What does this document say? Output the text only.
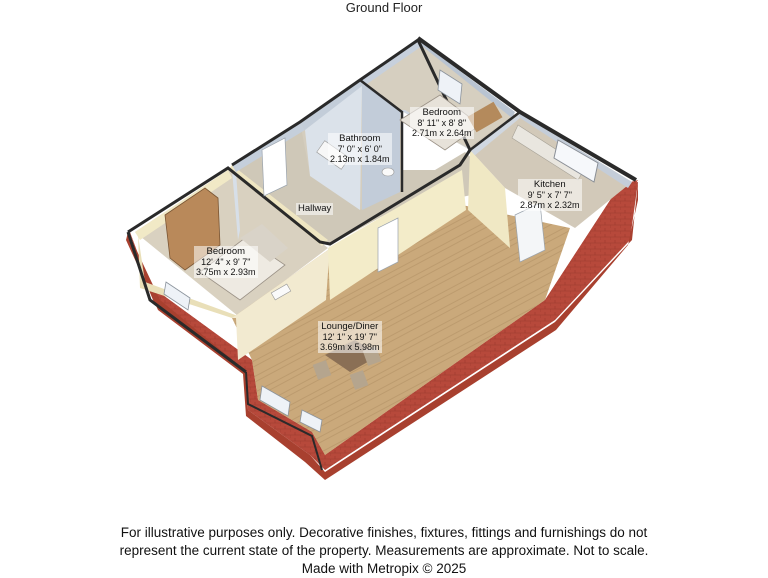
Ground Floor
Bedroom
12' 4" x 9' 7"
3.75m x 2.93m
Bathroom
7' 0" x 6' 0"
2.13m x 1.84m
Bedroom
8' 11" x 8' 8"
2.71m x 2.64m
Kitchen
9' 5" x 7' 7"
2.87m x 2.32m
Hallway
Lounge/Diner
12' 1" x 19' 7"
3.69m x 5.98m
For illustrative purposes only. Decorative finishes, fixtures, fittings and furnishings do not
represent the current state of the property. Measurements are approximate. Not to scale.
Made with Metropix © 2025
